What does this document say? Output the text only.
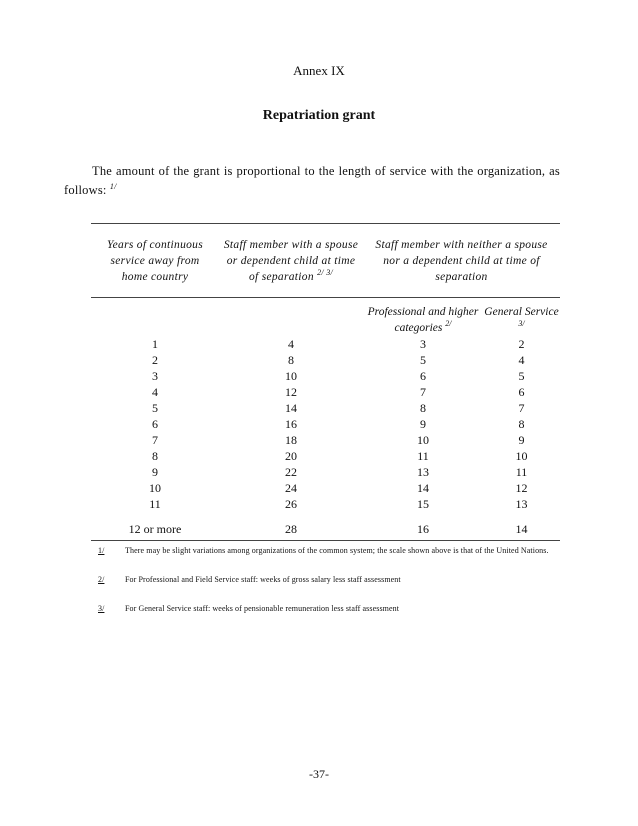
Annex IX
Repatriation grant
The amount of the grant is proportional to the length of service with the organization, as follows: $^{1/}$
Years of continuous service away from home country	Staff member with a spouse or dependent child at time of separation $^{2/ 3/}$	Staff member with neither a spouse nor a dependent child at time of separation	

		Professional and higher categories $^{2/}$	General Service $^{3/}$
1	4	3	2
2	8	5	4
3	10	6	5
4	12	7	6
5	14	8	7
6	16	9	8
7	18	10	9
8	20	11	10
9	22	13	11
10	24	14	12
11	26	15	13
12 or more	28	16	14
1/	There may be slight variations among organizations of the common system; the scale shown above is that of the United Nations.
2/	For Professional and Field Service staff: weeks of gross salary less staff assessment
3/	For General Service staff: weeks of pensionable remuneration less staff assessment
-37-
